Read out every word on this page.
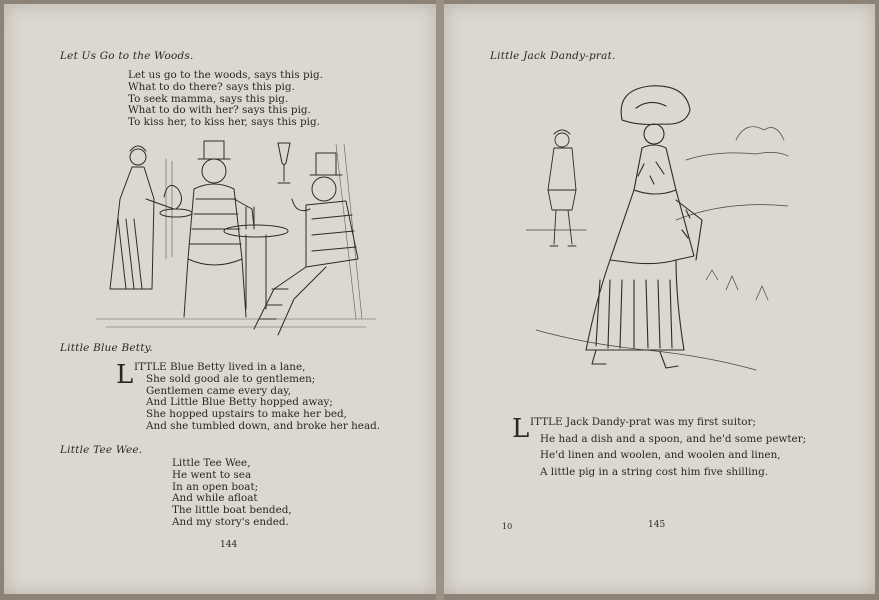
Let Us Go to the Woods.
Let us go to the woods, says this pig.
What to do there? says this pig.
To seek mamma, says this pig.
What to do with her? says this pig.
To kiss her, to kiss her, says this pig.
Little Blue Betty.
L ITTLE Blue Betty lived in a lane,
She sold good ale to gentlemen;
Gentlemen came every day,
And Little Blue Betty hopped away;
She hopped upstairs to make her bed,
And she tumbled down, and broke her head.
Little Tee Wee.
Little Tee Wee,
He went to sea
In an open boat;
And while afloat
The little boat bended,
And my story's ended.
144
Little Jack Dandy-prat.
L ITTLE Jack Dandy-prat was my first suitor;
He had a dish and a spoon, and he'd some pewter;
He'd linen and woolen, and woolen and linen,
A little pig in a string cost him five shilling.
10	145
